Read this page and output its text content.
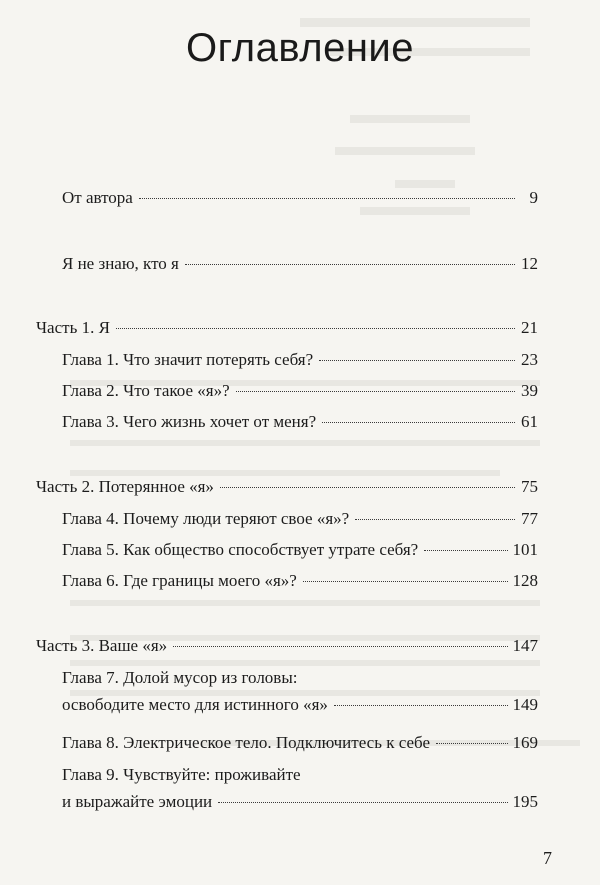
Оглавление
От автора	9
Я не знаю, кто я	12
Часть 1. Я	21
Глава 1. Что значит потерять себя?	23
Глава 2. Что такое «я»?	39
Глава 3. Чего жизнь хочет от меня?	61
Часть 2. Потерянное «я»	75
Глава 4. Почему люди теряют свое «я»?	77
Глава 5. Как общество способствует утрате себя?	101
Глава 6. Где границы моего «я»?	128
Часть 3. Ваше «я»	147
Глава 7. Долой мусор из головы:
освободите место для истинного «я»	149
Глава 8. Электрическое тело. Подключитесь к себе	169
Глава 9. Чувствуйте: проживайте
и выражайте эмоции	195
7
